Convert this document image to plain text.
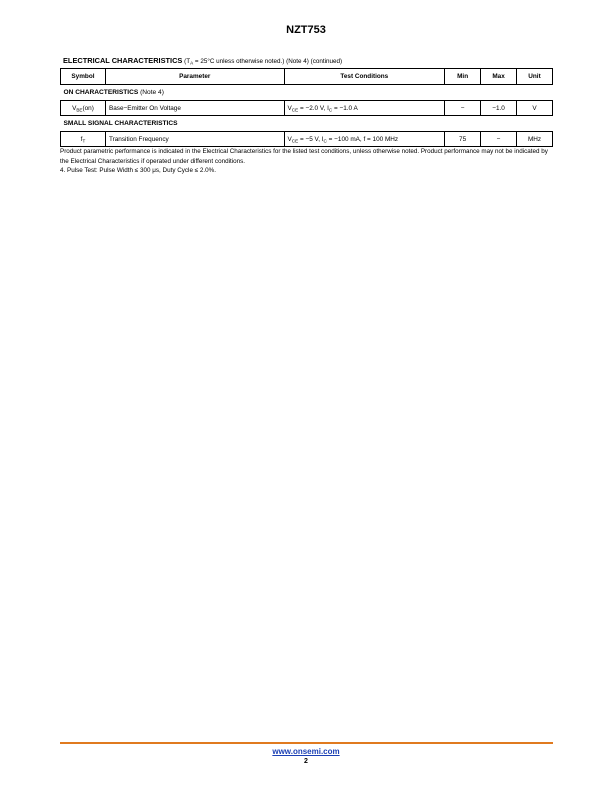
NZT753
ELECTRICAL CHARACTERISTICS ($T_A = 25^\circ C$ unless otherwise noted.) (Note 4) (continued)
Symbol	Parameter	Test Conditions	Min	Max	Unit
ON CHARACTERISTICS (Note 4)					
$V_{BE}(on)$	Base−Emitter On Voltage	$V_{CE} = -2.0$ V, $I_C = -1.0$ A	−	−1.0	V
SMALL SIGNAL CHARACTERISTICS					
$f_T$	Transition Frequency	$V_{CE} = -5$ V, $I_C = -100$ mA, f = 100 MHz	75	−	MHz

Product parametric performance is indicated in the Electrical Characteristics for the listed test conditions, unless otherwise noted. Product performance may not be indicated by the Electrical Characteristics if operated under different conditions.

4. Pulse Test: Pulse Width ≤ 300 μs, Duty Cycle ≤ 2.0%.

www.onsemi.com
2
